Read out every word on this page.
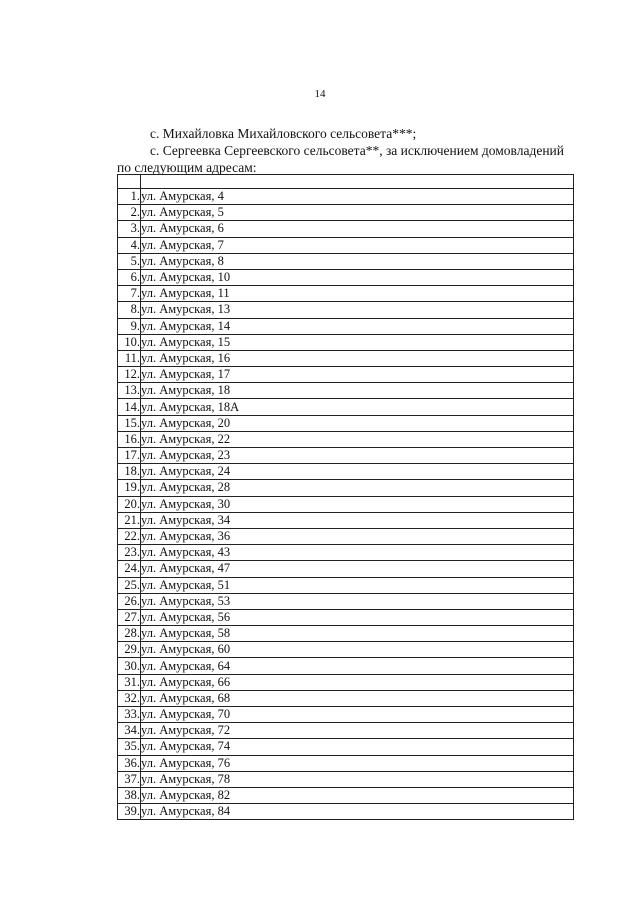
14
с. Михайловка Михайловского сельсовета***;
с. Сергеевка Сергеевского сельсовета**, за исключением домовладений
по следующим адресам:

1.	ул. Амурская, 4
2.	ул. Амурская, 5
3.	ул. Амурская, 6
4.	ул. Амурская, 7
5.	ул. Амурская, 8
6.	ул. Амурская, 10
7.	ул. Амурская, 11
8.	ул. Амурская, 13
9.	ул. Амурская, 14
10.	ул. Амурская, 15
11.	ул. Амурская, 16
12.	ул. Амурская, 17
13.	ул. Амурская, 18
14.	ул. Амурская, 18А
15.	ул. Амурская, 20
16.	ул. Амурская, 22
17.	ул. Амурская, 23
18.	ул. Амурская, 24
19.	ул. Амурская, 28
20.	ул. Амурская, 30
21.	ул. Амурская, 34
22.	ул. Амурская, 36
23.	ул. Амурская, 43
24.	ул. Амурская, 47
25.	ул. Амурская, 51
26.	ул. Амурская, 53
27.	ул. Амурская, 56
28.	ул. Амурская, 58
29.	ул. Амурская, 60
30.	ул. Амурская, 64
31.	ул. Амурская, 66
32.	ул. Амурская, 68
33.	ул. Амурская, 70
34.	ул. Амурская, 72
35.	ул. Амурская, 74
36.	ул. Амурская, 76
37.	ул. Амурская, 78
38.	ул. Амурская, 82
39.	ул. Амурская, 84
